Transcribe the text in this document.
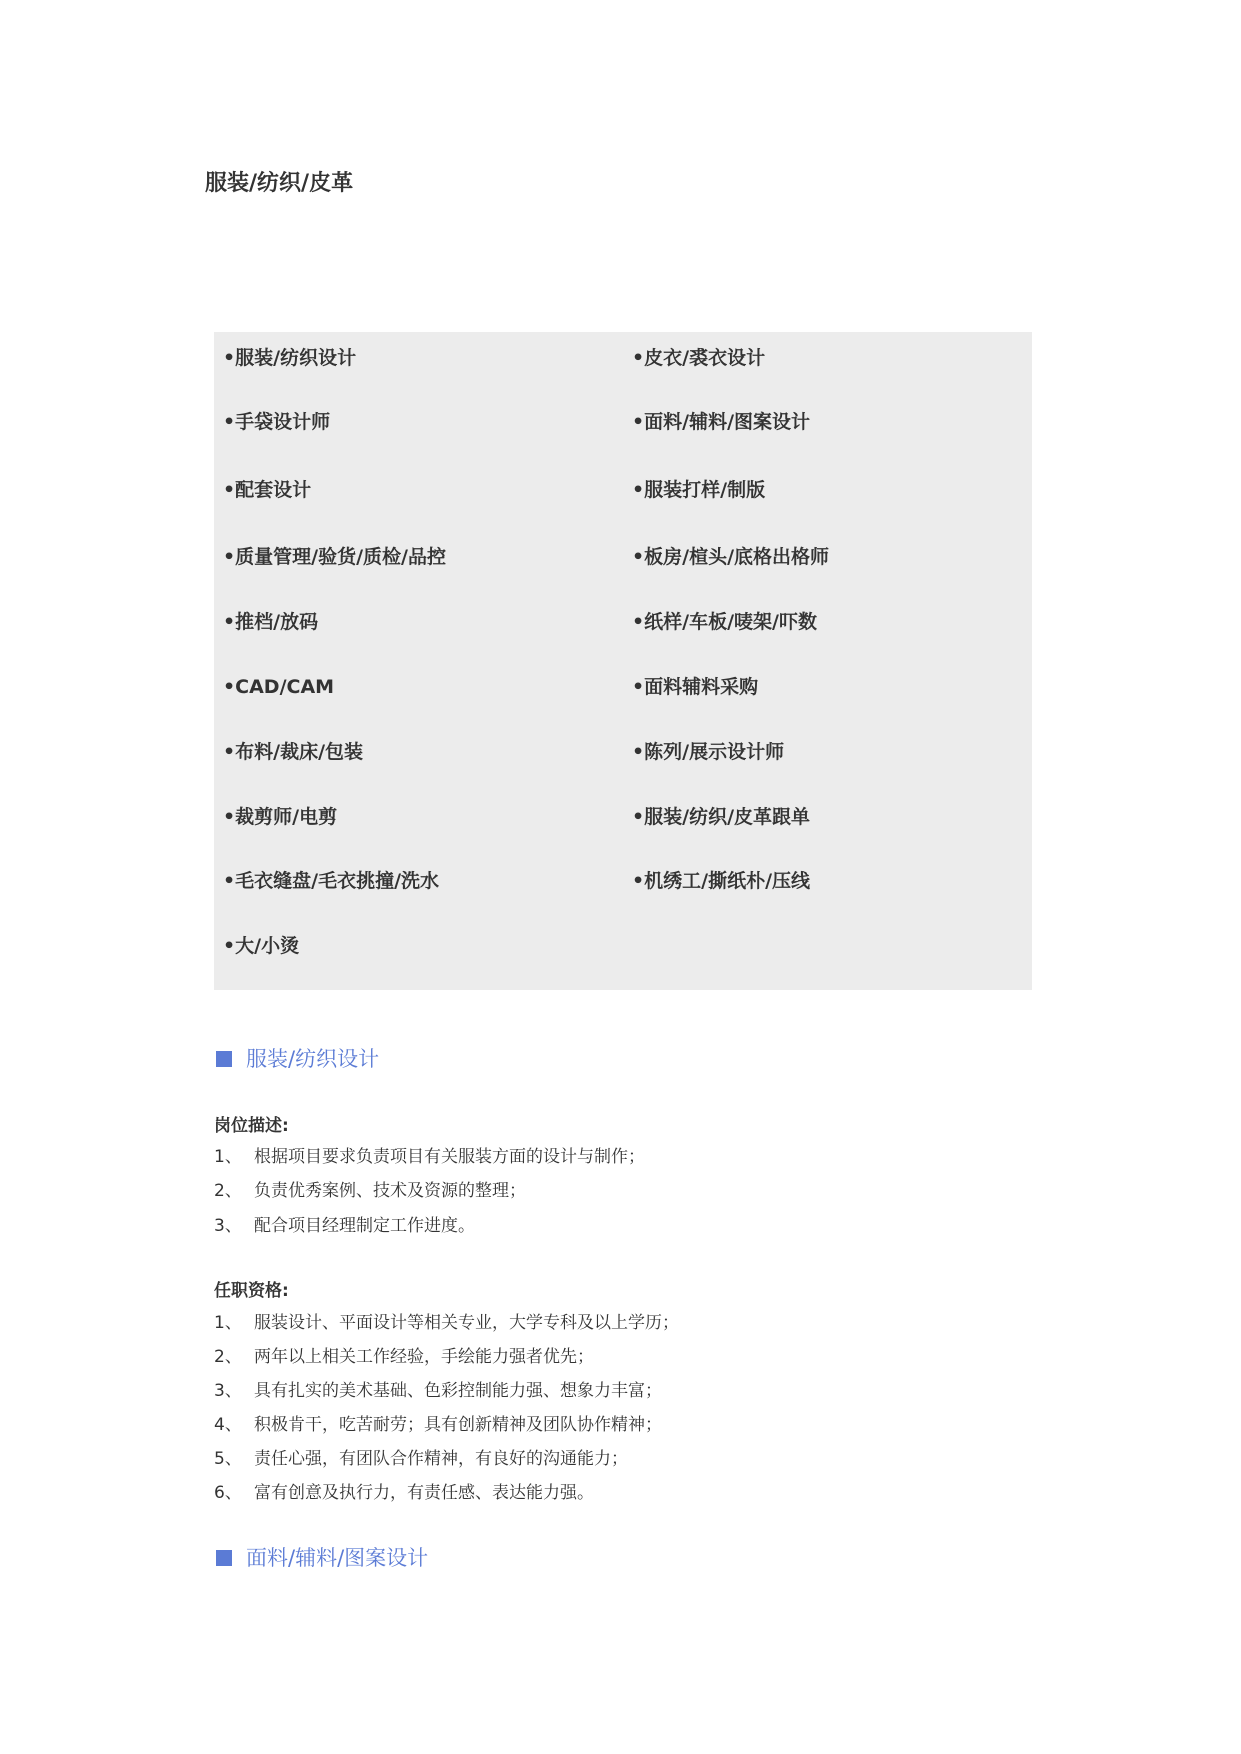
服装/纺织/皮革
•服装/纺织设计	•皮衣/裘衣设计
•手袋设计师	•面料/辅料/图案设计
•配套设计	•服装打样/制版
•质量管理/验货/质检/品控	•板房/楦头/底格出格师
•推档/放码	•纸样/车板/唛架/吓数
•CAD/CAM	•面料辅料采购
•布料/裁床/包装	•陈列/展示设计师
•裁剪师/电剪	•服装/纺织/皮革跟单
•毛衣缝盘/毛衣挑撞/洗水	•机绣工/撕纸朴/压线
•大/小烫
服装/纺织设计
岗位描述:
1、 根据项目要求负责项目有关服装方面的设计与制作；
2、 负责优秀案例、技术及资源的整理；
3、 配合项目经理制定工作进度。
任职资格:
1、 服装设计、平面设计等相关专业，大学专科及以上学历；
2、 两年以上相关工作经验，手绘能力强者优先；
3、 具有扎实的美术基础、色彩控制能力强、想象力丰富；
4、 积极肯干，吃苦耐劳；具有创新精神及团队协作精神；
5、 责任心强，有团队合作精神，有良好的沟通能力；
6、 富有创意及执行力，有责任感、表达能力强。
面料/辅料/图案设计
